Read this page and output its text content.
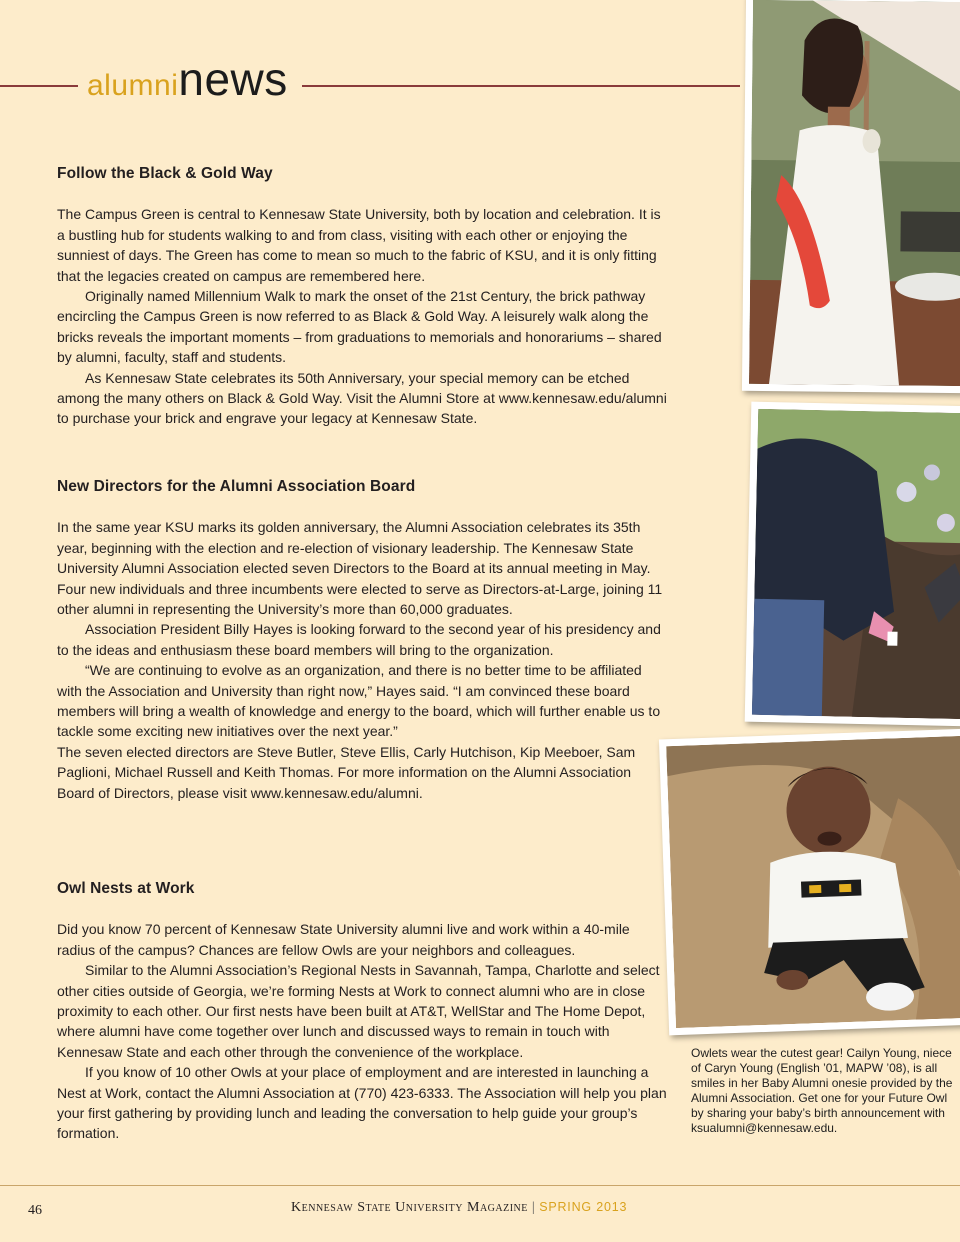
alumninews
Follow the Black & Gold Way

The Campus Green is central to Kennesaw State University, both by location and celebration. It is a bustling hub for students walking to and from class, visiting with each other or enjoying the sunniest of days. The Green has come to mean so much to the fabric of KSU, and it is only fitting that the legacies created on campus are remembered here.

Originally named Millennium Walk to mark the onset of the 21st Century, the brick pathway encircling the Campus Green is now referred to as Black & Gold Way. A leisurely walk along the bricks reveals the important moments – from graduations to memorials and honorariums – shared by alumni, faculty, staff and students.

As Kennesaw State celebrates its 50th Anniversary, your special memory can be etched among the many others on Black & Gold Way. Visit the Alumni Store at www.kennesaw.edu/alumni to purchase your brick and engrave your legacy at Kennesaw State.

New Directors for the Alumni Association Board

In the same year KSU marks its golden anniversary, the Alumni Association celebrates its 35th year, beginning with the election and re-election of visionary leadership. The Kennesaw State University Alumni Association elected seven Directors to the Board at its annual meeting in May. Four new individuals and three incumbents were elected to serve as Directors-at-Large, joining 11 other alumni in representing the University’s more than 60,000 graduates.

Association President Billy Hayes is looking forward to the second year of his presidency and to the ideas and enthusiasm these board members will bring to the organization.

“We are continuing to evolve as an organization, and there is no better time to be affiliated with the Association and University than right now,” Hayes said. “I am convinced these board members will bring a wealth of knowledge and energy to the board, which will further enable us to tackle some exciting new initiatives over the next year.”

The seven elected directors are Steve Butler, Steve Ellis, Carly Hutchison, Kip Meeboer, Sam Paglioni, Michael Russell and Keith Thomas. For more information on the Alumni Association Board of Directors, please visit www.kennesaw.edu/alumni.

Owl Nests at Work

Did you know 70 percent of Kennesaw State University alumni live and work within a 40-mile radius of the campus? Chances are fellow Owls are your neighbors and colleagues.

Similar to the Alumni Association’s Regional Nests in Savannah, Tampa, Charlotte and select other cities outside of Georgia, we’re forming Nests at Work to connect alumni who are in close proximity to each other. Our first nests have been built at AT&T, WellStar and The Home Depot, where alumni have come together over lunch and discussed ways to remain in touch with Kennesaw State and each other through the convenience of the workplace.

If you know of 10 other Owls at your place of employment and are interested in launching a Nest at Work, contact the Alumni Association at (770) 423-6333. The Association will help you plan your first gathering by providing lunch and leading the conversation to help guide your group’s formation.

Owlets wear the cutest gear! Cailyn Young, niece of Caryn Young (English ’01, MAPW ’08), is all smiles in her Baby Alumni onesie provided by the Alumni Association. Get one for your Future Owl by sharing your baby’s birth announcement with ksualumni@kennesaw.edu.
46	Kennesaw State University Magazine | SPRING 2013
